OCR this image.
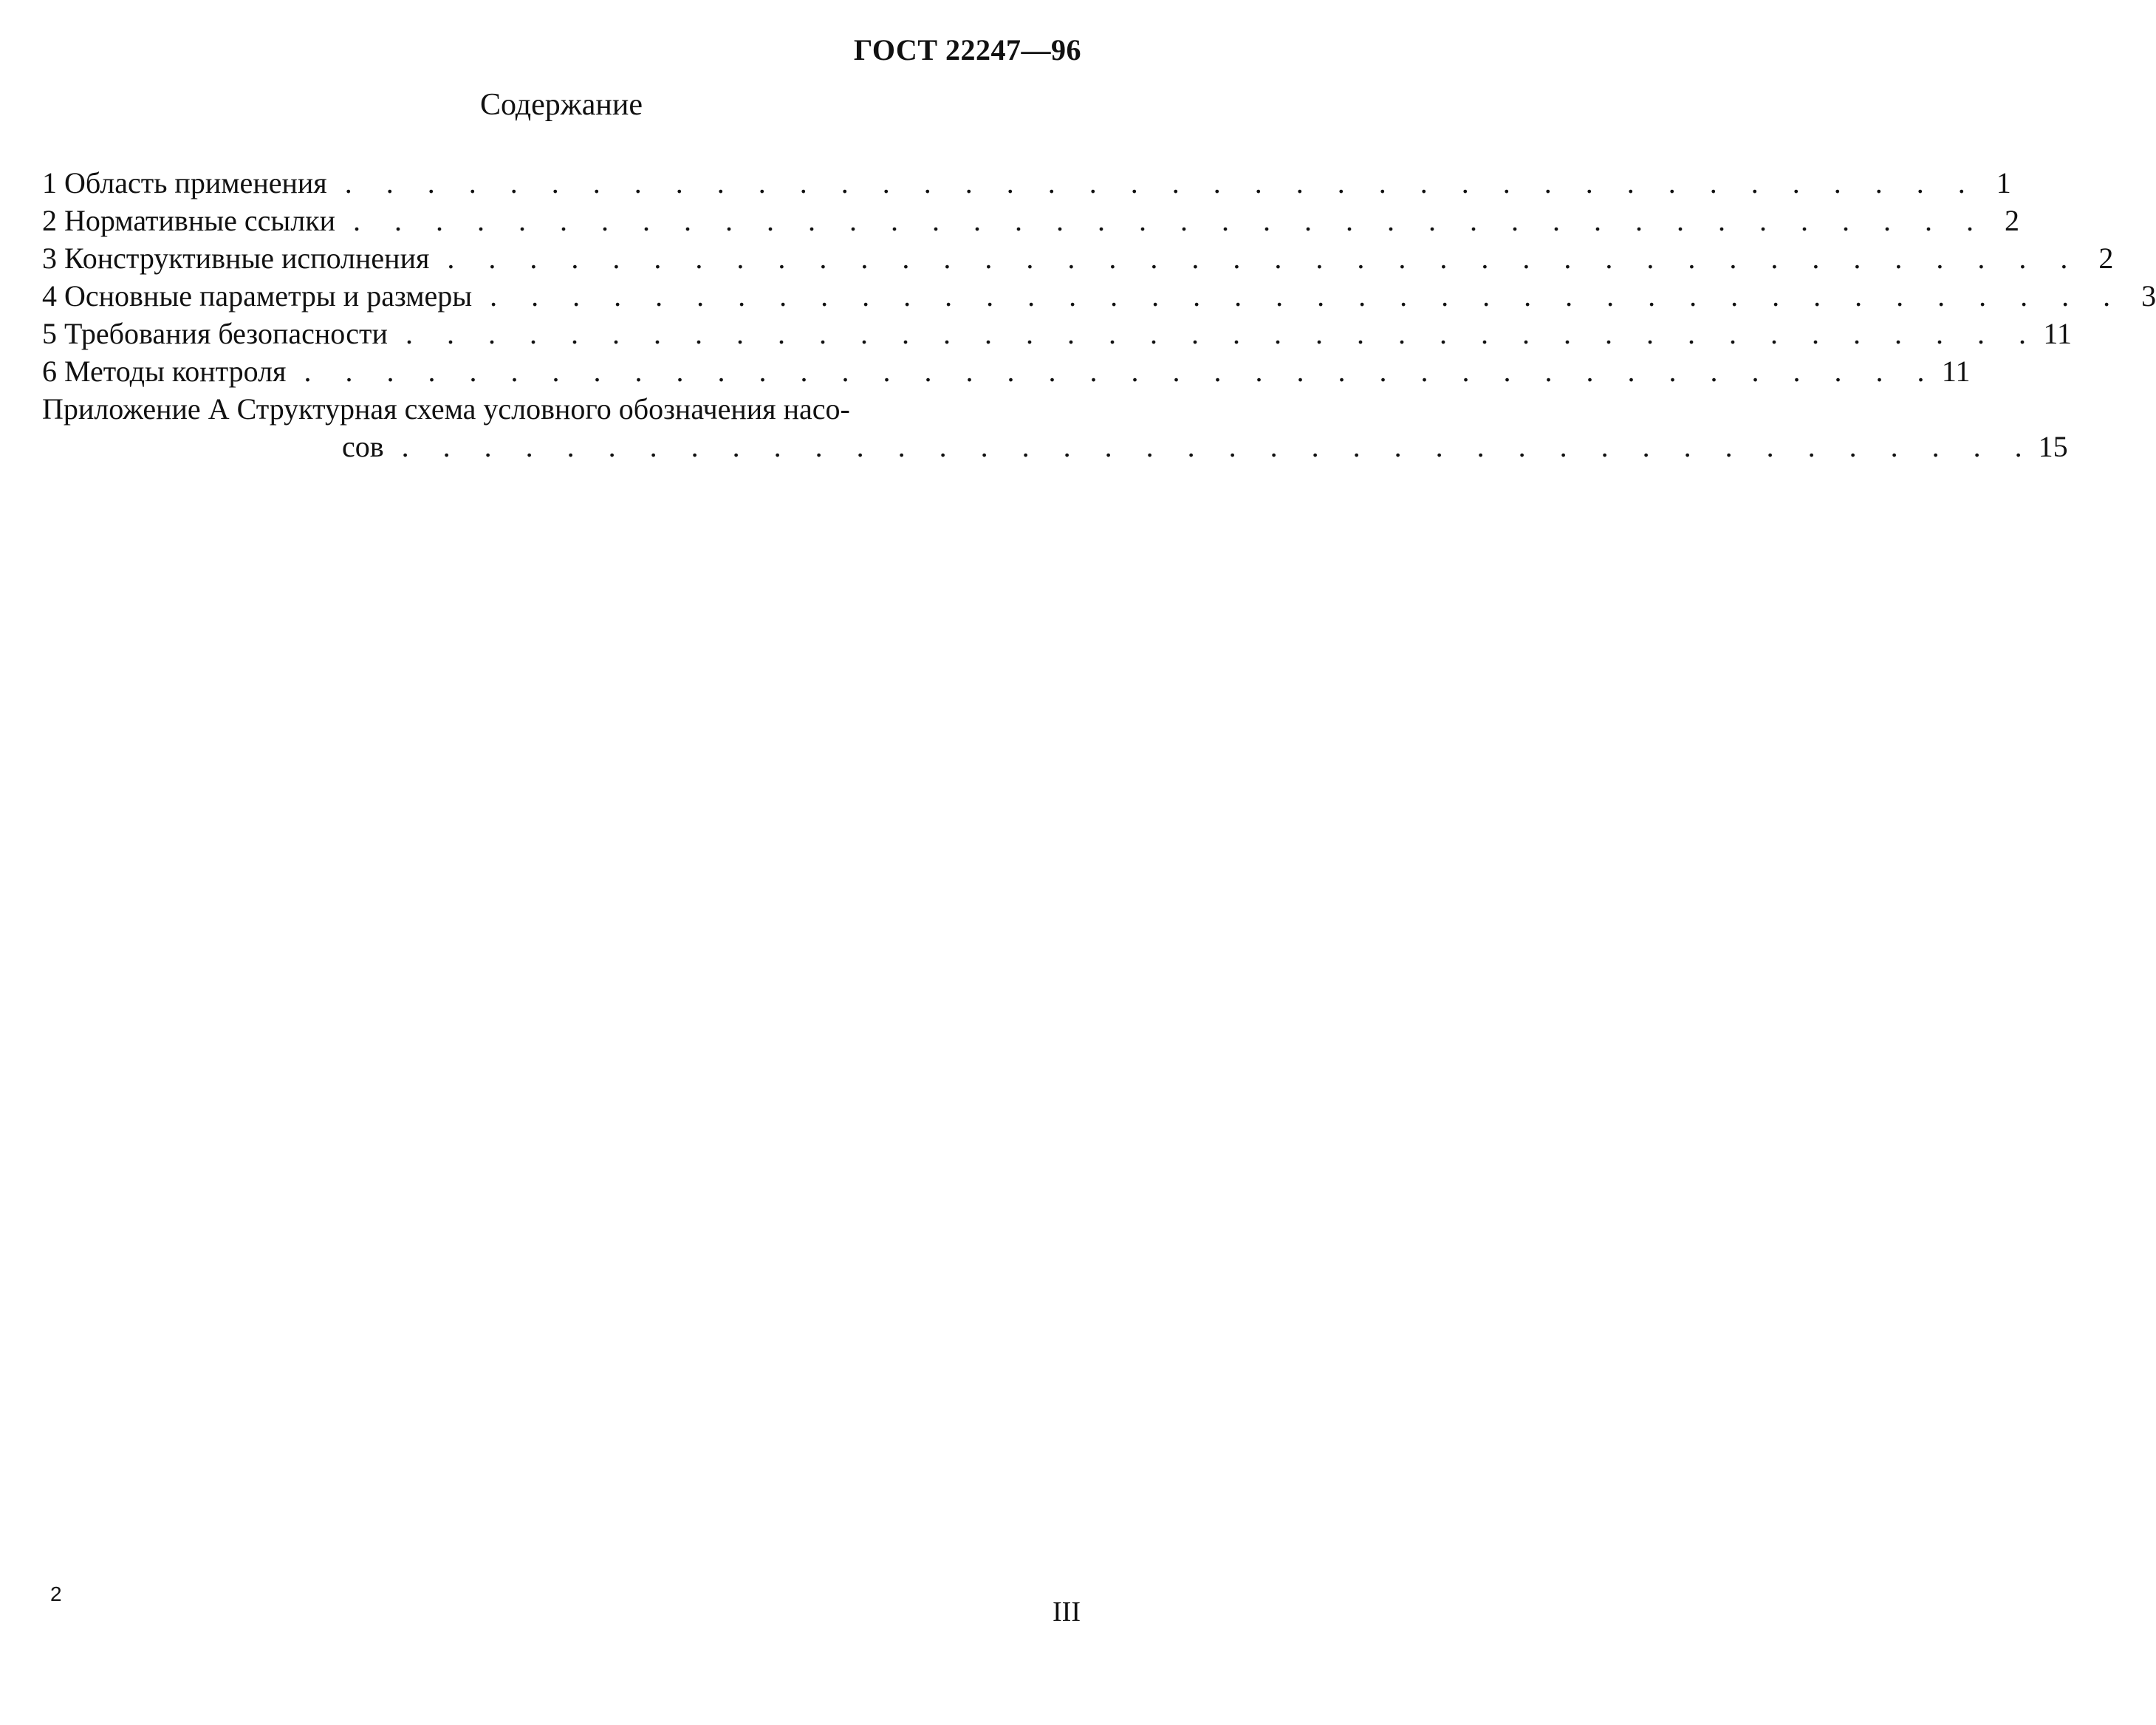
ГОСТ 22247—96
Содержание
1 Область применения . . . . . . . . . . . . . . . . . . . . . . . . . . . . . . . . . . . . . . . . 1
2 Нормативные ссылки . . . . . . . . . . . . . . . . . . . . . . . . . . . . . . . . . . . . . . . . 2
3 Конструктивные исполнения . . . . . . . . . . . . . . . . . . . . . . . . . . . . . . . . . . . . . . . . 2
4 Основные параметры и размеры . . . . . . . . . . . . . . . . . . . . . . . . . . . . . . . . . . . . . . . . 3
5 Требования безопасности . . . . . . . . . . . . . . . . . . . . . . . . . . . . . . . . . . . . . . . . 11
6 Методы контроля . . . . . . . . . . . . . . . . . . . . . . . . . . . . . . . . . . . . . . . . 11
Приложение А Структурная схема условного обозначения насо-
сов . . . . . . . . . . . . . . . . . . . . . . . . . . . . . . . . . . . . . . . . 15
2
III
